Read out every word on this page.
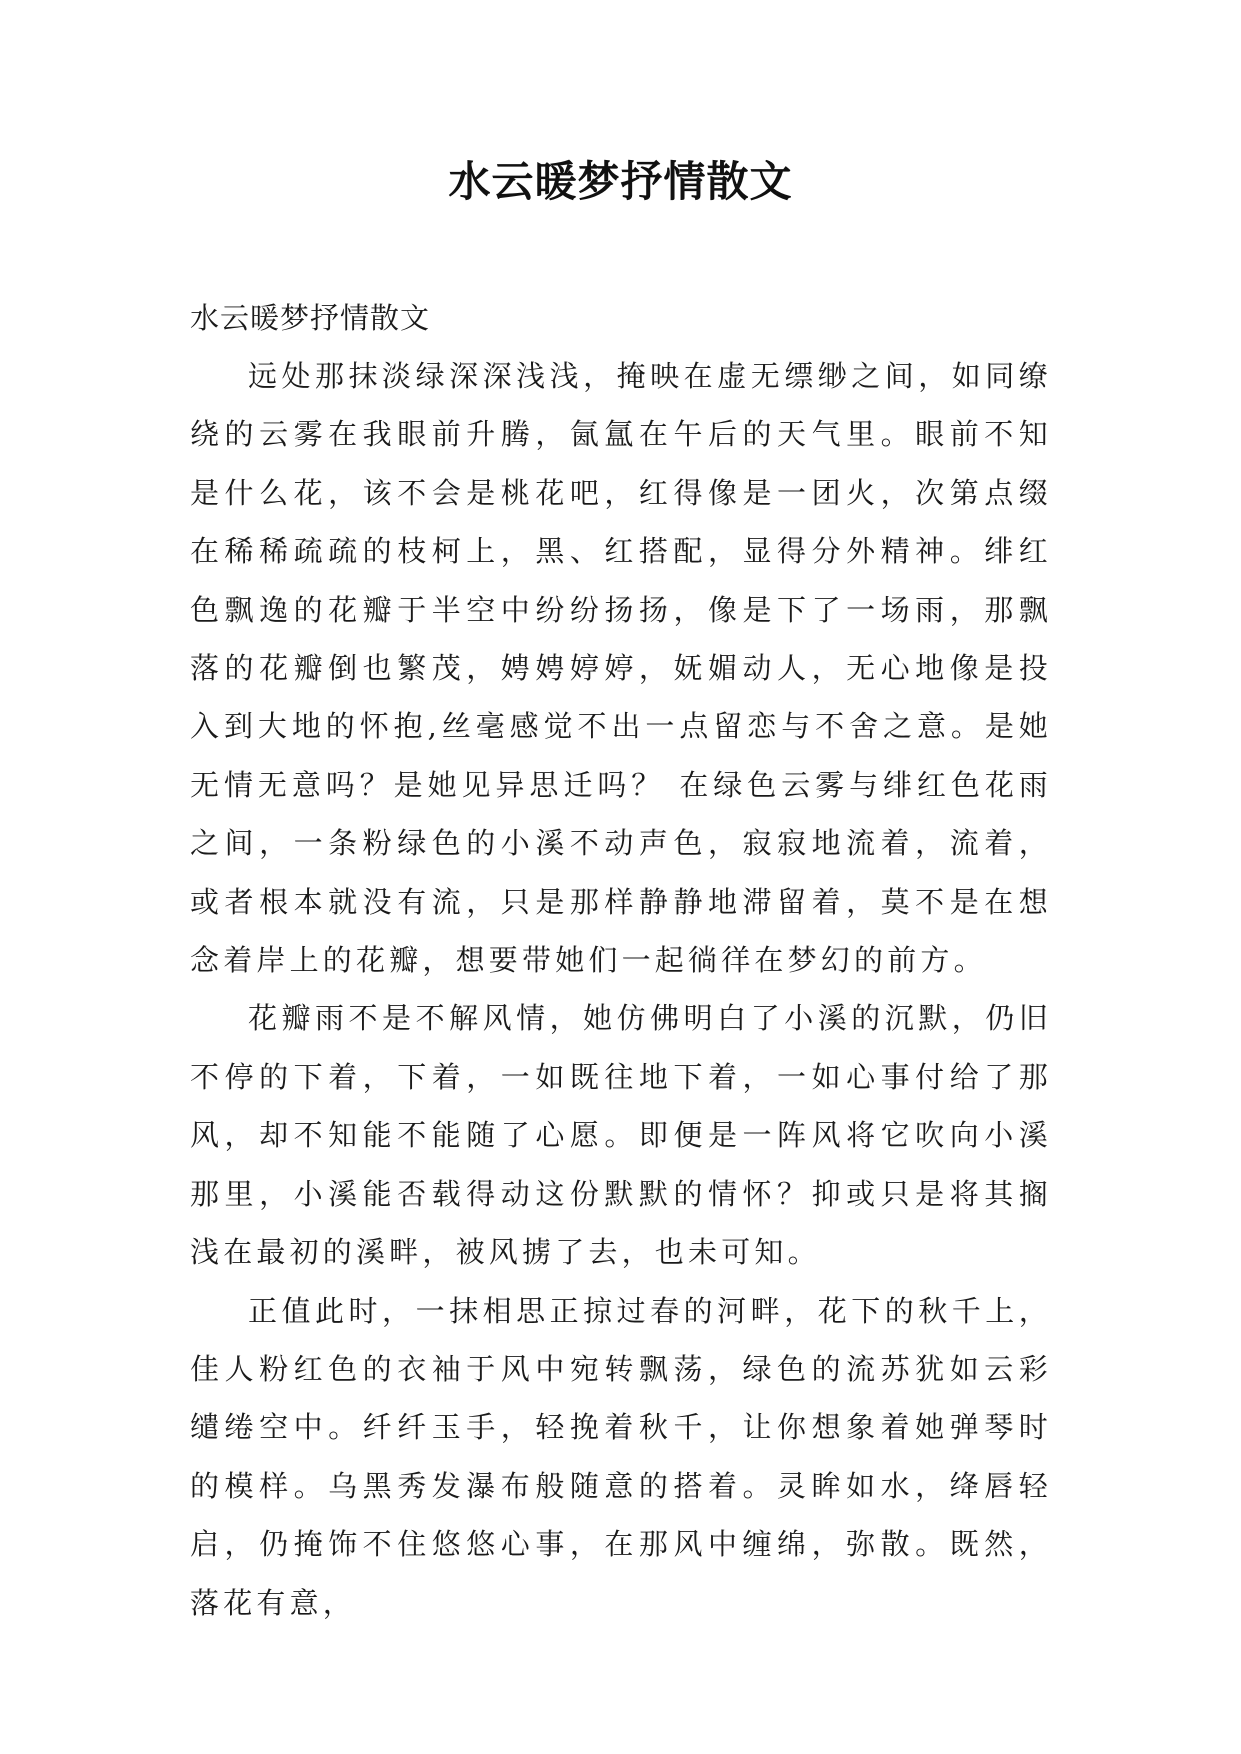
水云暖梦抒情散文

水云暖梦抒情散文

远处那抹淡绿深深浅浅，掩映在虚无缥缈之间，如同缭绕的云雾在我眼前升腾，氤氲在午后的天气里。眼前不知是什么花，该不会是桃花吧，红得像是一团火，次第点缀在稀稀疏疏的枝柯上，黑、红搭配，显得分外精神。绯红色飘逸的花瓣于半空中纷纷扬扬，像是下了一场雨，那飘落的花瓣倒也繁茂，娉娉婷婷，妩媚动人，无心地像是投入到大地的怀抱,丝毫感觉不出一点留恋与不舍之意。是她无情无意吗？是她见异思迁吗？ 在绿色云雾与绯红色花雨之间，一条粉绿色的小溪不动声色，寂寂地流着，流着，或者根本就没有流，只是那样静静地滞留着，莫不是在想念着岸上的花瓣，想要带她们一起徜徉在梦幻的前方。

花瓣雨不是不解风情，她仿佛明白了小溪的沉默，仍旧不停的下着，下着，一如既往地下着，一如心事付给了那风，却不知能不能随了心愿。即便是一阵风将它吹向小溪那里，小溪能否载得动这份默默的情怀？抑或只是将其搁浅在最初的溪畔，被风掳了去，也未可知。

正值此时，一抹相思正掠过春的河畔，花下的秋千上，佳人粉红色的衣袖于风中宛转飘荡，绿色的流苏犹如云彩缱绻空中。纤纤玉手，轻挽着秋千，让你想象着她弹琴时的模样。乌黑秀发瀑布般随意的搭着。灵眸如水，绛唇轻启，仍掩饰不住悠悠心事，在那风中缠绵，弥散。既然，落花有意，
